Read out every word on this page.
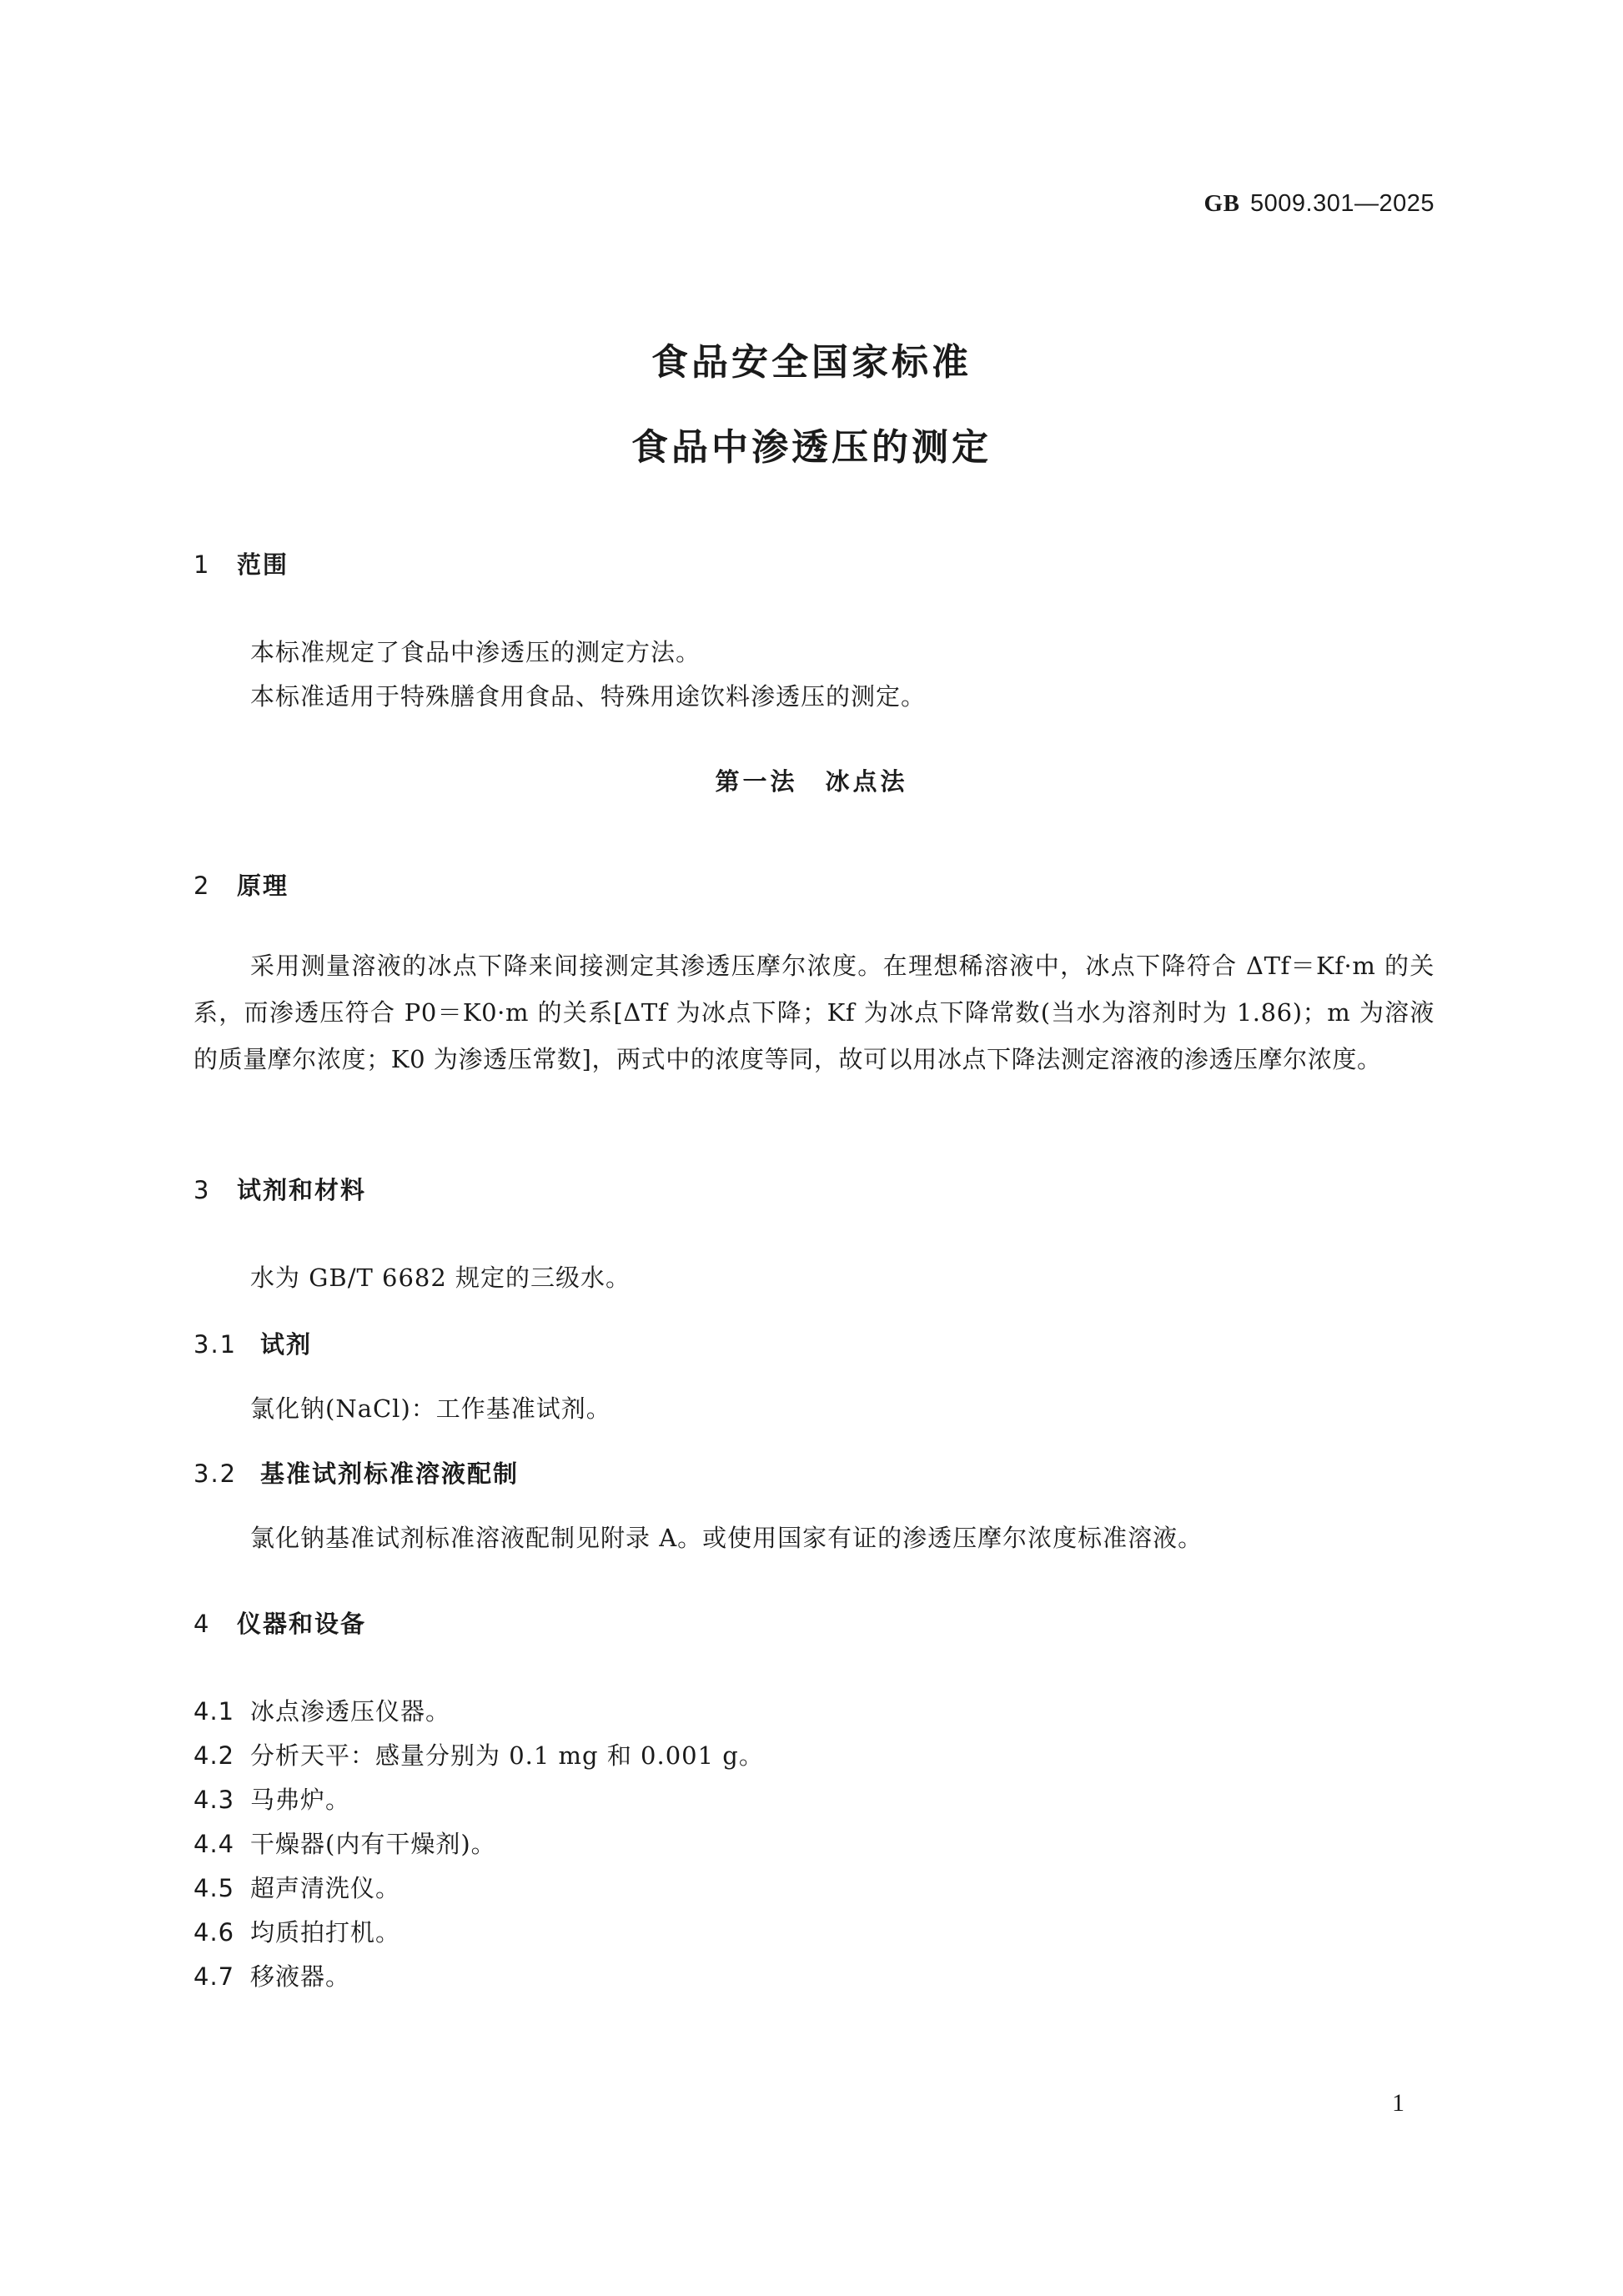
GB 5009.301—2025
食品安全国家标准
食品中渗透压的测定
1 范围
本标准规定了食品中渗透压的测定方法。
本标准适用于特殊膳食用食品、特殊用途饮料渗透压的测定。
第一法　冰点法
2 原理
采用测量溶液的冰点下降来间接测定其渗透压摩尔浓度。在理想稀溶液中，冰点下降符合 ΔTf＝Kf·m 的关系，而渗透压符合 P0＝K0·m 的关系[ΔTf 为冰点下降；Kf 为冰点下降常数(当水为溶剂时为 1.86)；m 为溶液的质量摩尔浓度；K0 为渗透压常数]，两式中的浓度等同，故可以用冰点下降法测定溶液的渗透压摩尔浓度。
3 试剂和材料
水为 GB/T 6682 规定的三级水。
3.1 试剂
氯化钠(NaCl)：工作基准试剂。
3.2 基准试剂标准溶液配制
氯化钠基准试剂标准溶液配制见附录 A。或使用国家有证的渗透压摩尔浓度标准溶液。
4 仪器和设备
4.1 冰点渗透压仪器。
4.2 分析天平：感量分别为 0.1 mg 和 0.001 g。
4.3 马弗炉。
4.4 干燥器(内有干燥剂)。
4.5 超声清洗仪。
4.6 均质拍打机。
4.7 移液器。
1
